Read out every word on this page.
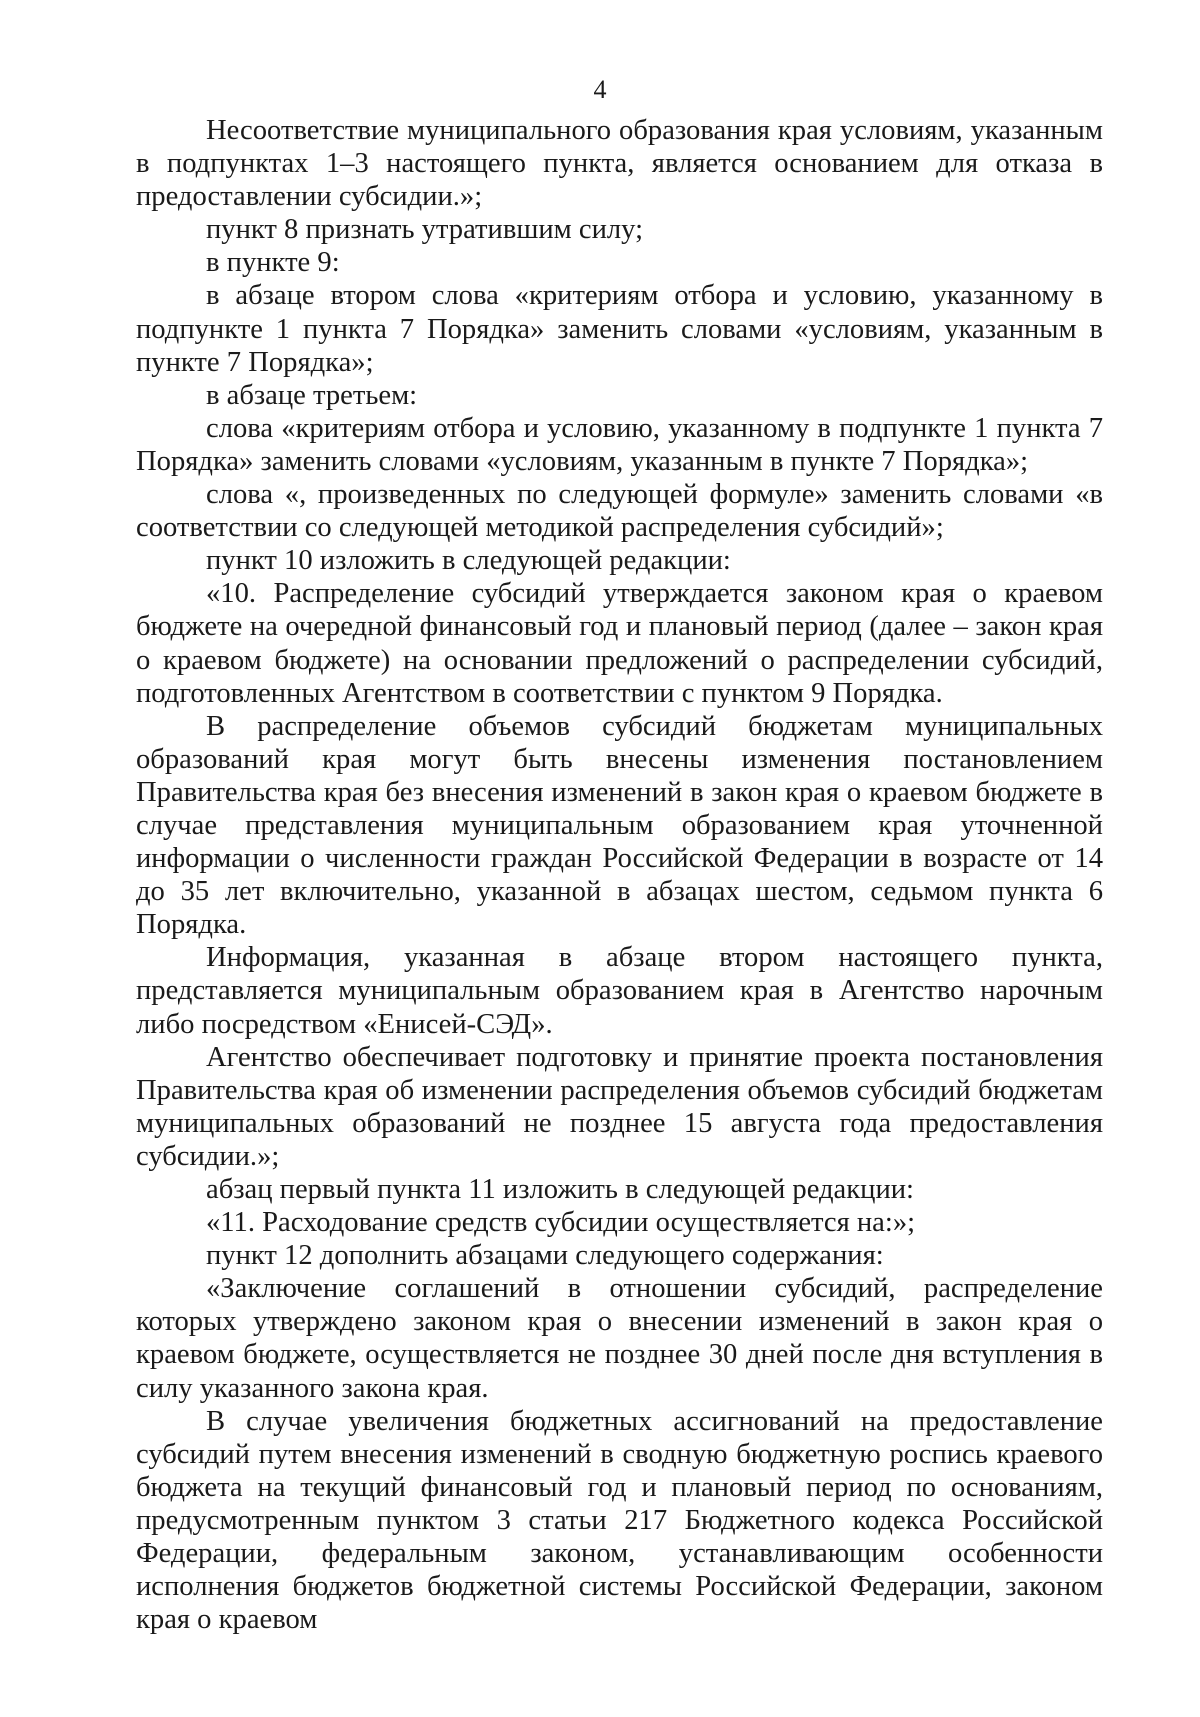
4

Несоответствие муниципального образования края условиям, указанным в подпунктах 1–3 настоящего пункта, является основанием для отказа в предоставлении субсидии.»;

пункт 8 признать утратившим силу;

в пункте 9:

в абзаце втором слова «критериям отбора и условию, указанному в подпункте 1 пункта 7 Порядка» заменить словами «условиям, указанным в пункте 7 Порядка»;

в абзаце третьем:

слова «критериям отбора и условию, указанному в подпункте 1 пункта 7 Порядка» заменить словами «условиям, указанным в пункте 7 Порядка»;

слова «, произведенных по следующей формуле» заменить словами «в соответствии со следующей методикой распределения субсидий»;

пункт 10 изложить в следующей редакции:

«10. Распределение субсидий утверждается законом края о краевом бюджете на очередной финансовый год и плановый период (далее – закон края о краевом бюджете) на основании предложений о распределении субсидий, подготовленных Агентством в соответствии с пунктом 9 Порядка.

В распределение объемов субсидий бюджетам муниципальных образований края могут быть внесены изменения постановлением Правительства края без внесения изменений в закон края о краевом бюджете в случае представления муниципальным образованием края уточненной информации о численности граждан Российской Федерации в возрасте от 14 до 35 лет включительно, указанной в абзацах шестом, седьмом пункта 6 Порядка.

Информация, указанная в абзаце втором настоящего пункта, представляется муниципальным образованием края в Агентство нарочным либо посредством «Енисей-СЭД».

Агентство обеспечивает подготовку и принятие проекта постановления Правительства края об изменении распределения объемов субсидий бюджетам муниципальных образований не позднее 15 августа года предоставления субсидии.»;

абзац первый пункта 11 изложить в следующей редакции:

«11. Расходование средств субсидии осуществляется на:»;

пункт 12 дополнить абзацами следующего содержания:

«Заключение соглашений в отношении субсидий, распределение которых утверждено законом края о внесении изменений в закон края о краевом бюджете, осуществляется не позднее 30 дней после дня вступления в силу указанного закона края.

В случае увеличения бюджетных ассигнований на предоставление субсидий путем внесения изменений в сводную бюджетную роспись краевого бюджета на текущий финансовый год и плановый период по основаниям, предусмотренным пунктом 3 статьи 217 Бюджетного кодекса Российской Федерации, федеральным законом, устанавливающим особенности исполнения бюджетов бюджетной системы Российской Федерации, законом края о краевом
